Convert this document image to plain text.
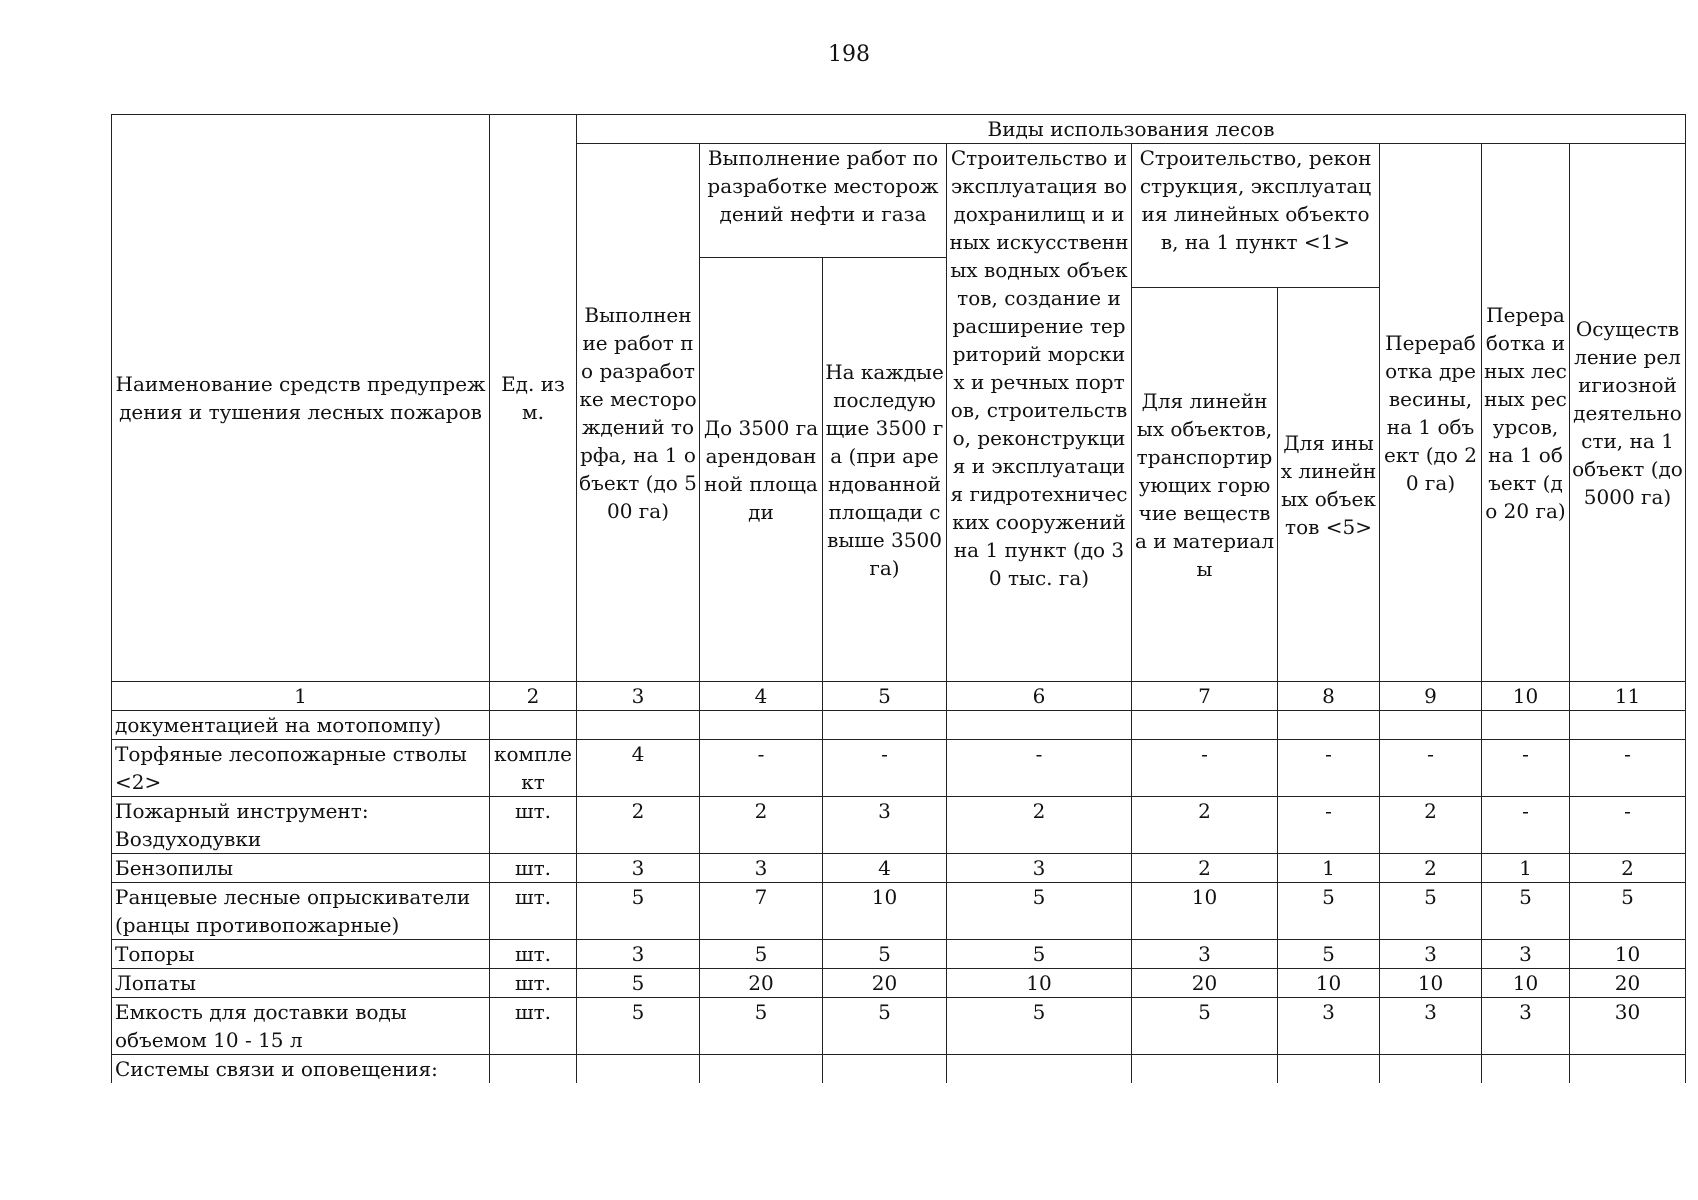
198
Наименование средств предупреждения и тушения лесных пожаров	Ед. изм.	Виды использования лесов								
		Выполнение работ по разработке месторождений торфа, на 1 объект (до 500 га)	Выполнение работ по разработке месторождений нефти и газа		Строительство и эксплуатация водохранилищ и иных искусственных водных объектов, создание и расширение территорий морских и речных портов, строительство, реконструкция и эксплуатация гидротехнических сооружений на 1 пункт (до 30 тыс. га)	Строительство, реконструкция, эксплуатация линейных объектов, на 1 пункт <1>		Переработка древесины, на 1 объект (до 20 га)	Переработка иных лесных ресурсов, на 1 объект (до 20 га)	Осуществление религиозной деятельности, на 1 объект (до 5000 га)
			До 3500 га арендованной площади	На каждые последующие 3500 га (при арендованной площади свыше 3500 га)						
						Для линейных объектов, транспортирующих горючие вещества и материалы	Для иных линейных объектов <5>			
1	2	3	4	5	6	7	8	9	10	11
документацией на мотопомпу)										
Торфяные лесопожарные стволы <2>	комплект	4	-	-	-	-	-	-	-	-
Пожарный инструмент: Воздуходувки	шт.	2	2	3	2	2	-	2	-	-
Бензопилы	шт.	3	3	4	3	2	1	2	1	2
Ранцевые лесные опрыскиватели (ранцы противопожарные)	шт.	5	7	10	5	10	5	5	5	5
Топоры	шт.	3	5	5	5	3	5	3	3	10
Лопаты	шт.	5	20	20	10	20	10	10	10	20
Емкость для доставки воды объемом 10 - 15 л	шт.	5	5	5	5	5	3	3	3	30
Системы связи и оповещения:										
